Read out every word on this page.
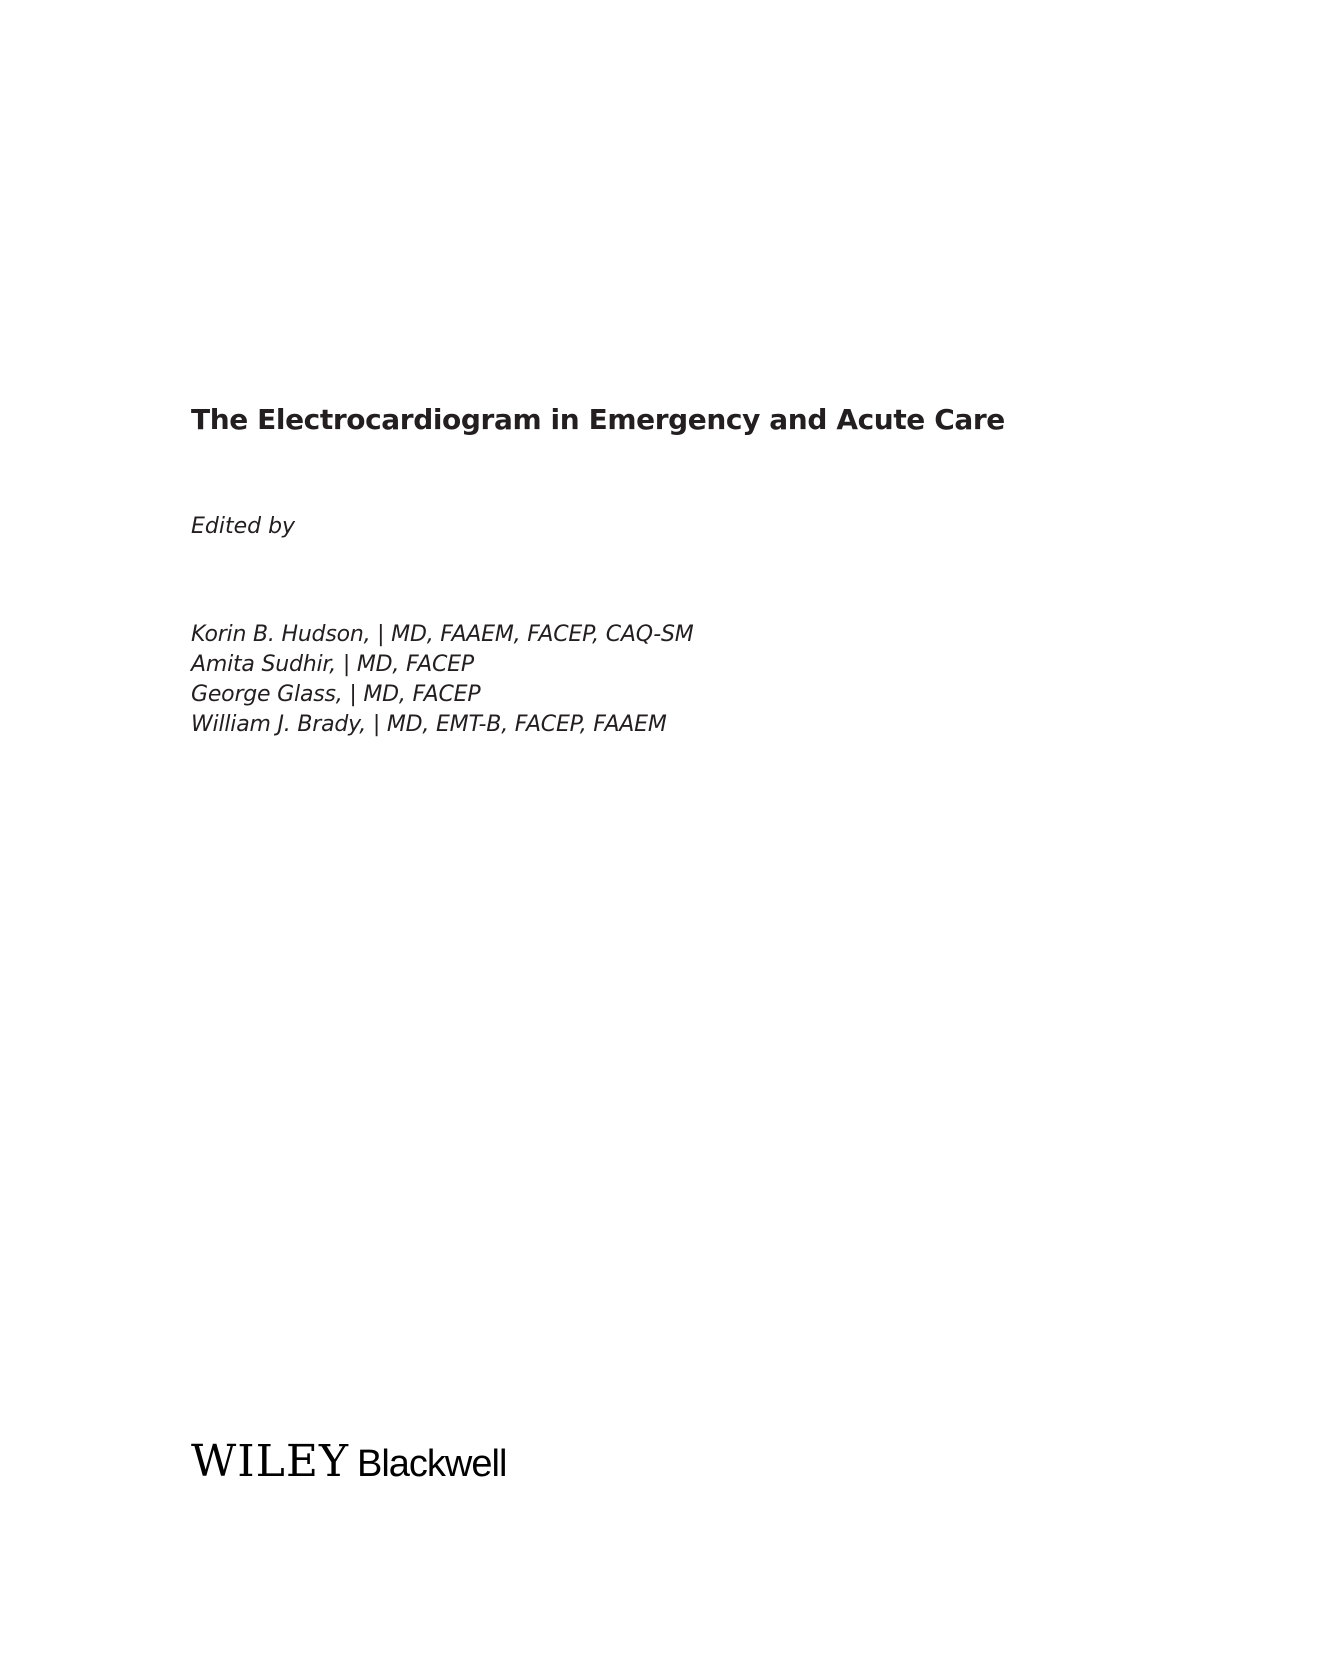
The Electrocardiogram in Emergency and Acute Care

Edited by

Korin B. Hudson, | MD, FAAEM, FACEP, CAQ-SM
Amita Sudhir, | MD, FACEP
George Glass, | MD, FACEP
William J. Brady, | MD, EMT-B, FACEP, FAAEM
WILEY Blackwell
